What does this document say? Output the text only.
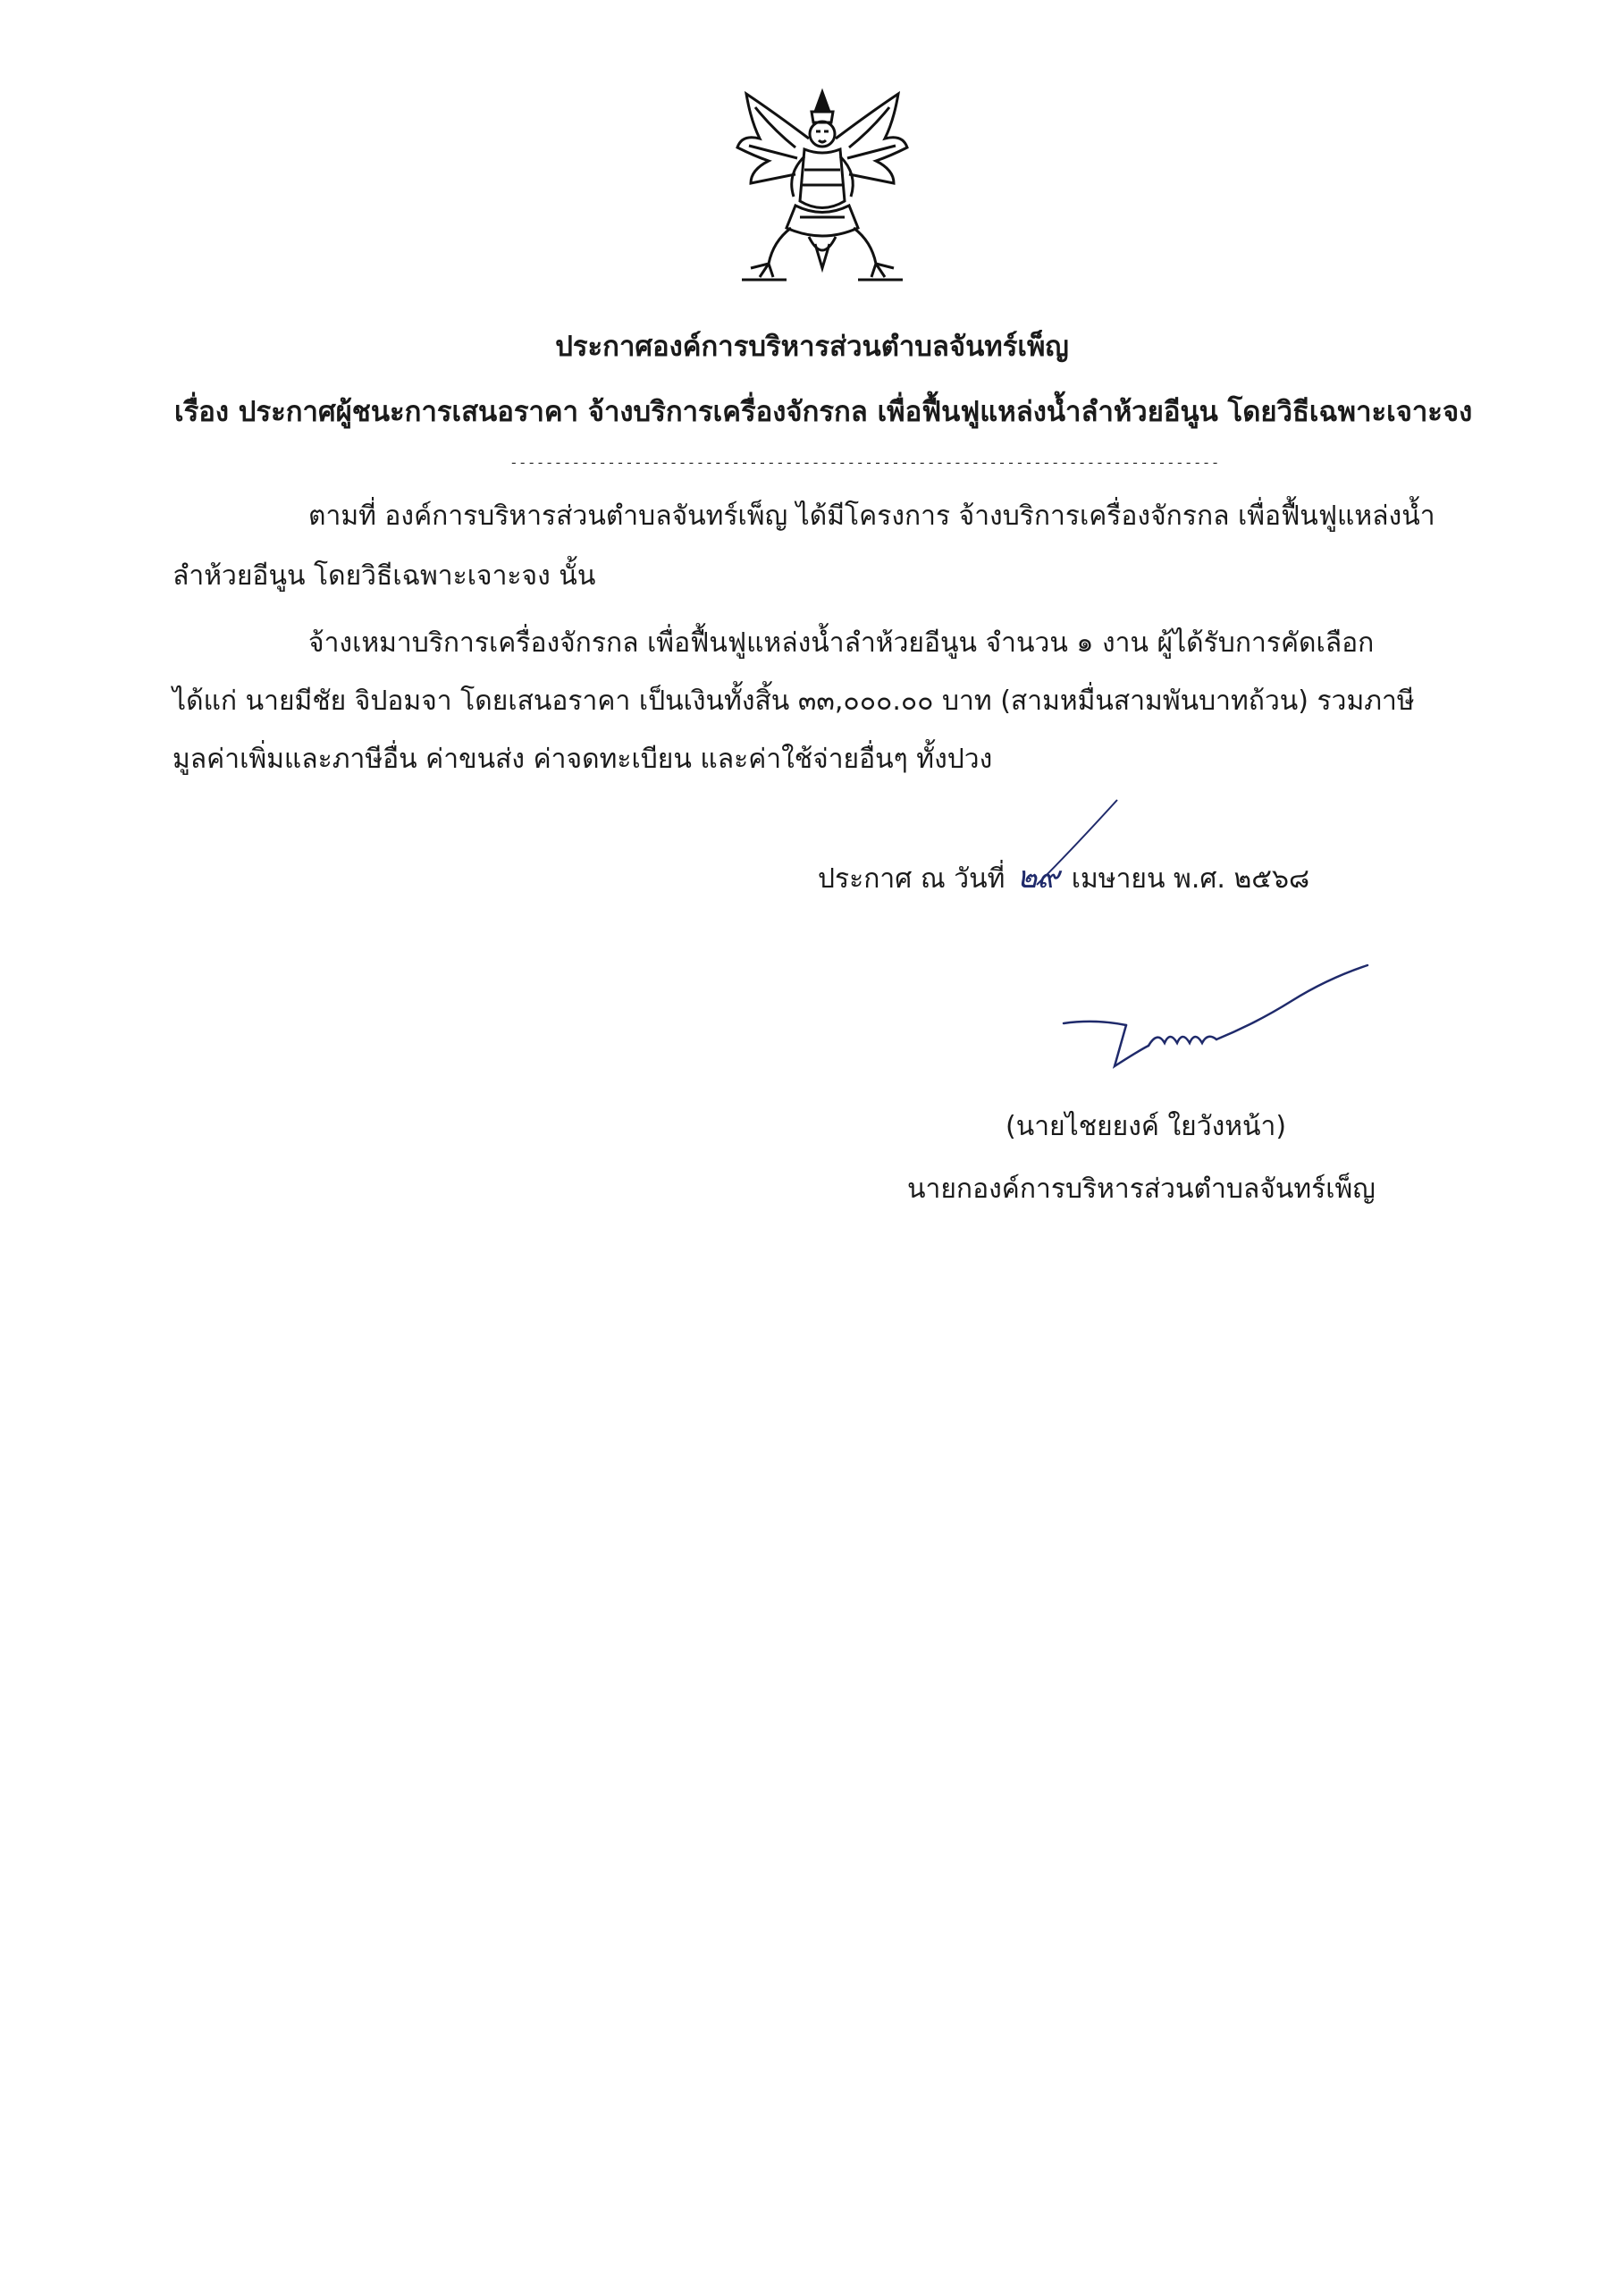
ประกาศองค์การบริหารส่วนตำบลจันทร์เพ็ญ
เรื่อง ประกาศผู้ชนะการเสนอราคา จ้างบริการเครื่องจักรกล เพื่อฟื้นฟูแหล่งน้ำลำห้วยอีนูน โดยวิธีเฉพาะเจาะจง
--------------------------------------------------------------------------------
ตามที่ องค์การบริหารส่วนตำบลจันทร์เพ็ญ ได้มีโครงการ จ้างบริการเครื่องจักรกล เพื่อฟื้นฟูแหล่งน้ำ
ลำห้วยอีนูน โดยวิธีเฉพาะเจาะจง นั้น
จ้างเหมาบริการเครื่องจักรกล เพื่อฟื้นฟูแหล่งน้ำลำห้วยอีนูน จำนวน ๑ งาน ผู้ได้รับการคัดเลือก
ได้แก่ นายมีชัย จิปอมจา โดยเสนอราคา เป็นเงินทั้งสิ้น ๓๓,๐๐๐.๐๐ บาท (สามหมื่นสามพันบาทถ้วน) รวมภาษี
มูลค่าเพิ่มและภาษีอื่น ค่าขนส่ง ค่าจดทะเบียน และค่าใช้จ่ายอื่นๆ ทั้งปวง
ประกาศ ณ วันที่ ๒๙ เมษายน พ.ศ. ๒๕๖๘
(นายไชยยงค์ ใยวังหน้า)
นายกองค์การบริหารส่วนตำบลจันทร์เพ็ญ
